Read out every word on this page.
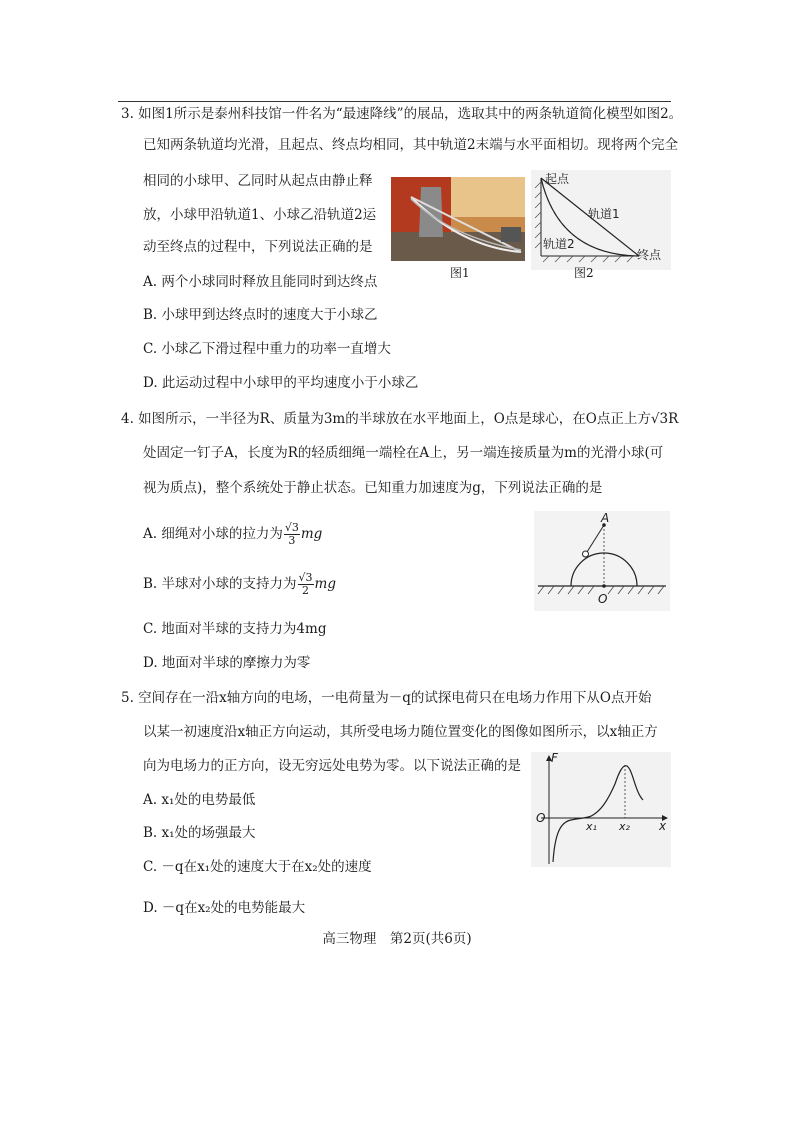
3. 如图1所示是泰州科技馆一件名为“最速降线”的展品，选取其中的两条轨道简化模型如图2。
已知两条轨道均光滑，且起点、终点均相同，其中轨道2末端与水平面相切。现将两个完全
相同的小球甲、乙同时从起点由静止释
放，小球甲沿轨道1、小球乙沿轨道2运
动至终点的过程中，下列说法正确的是
A. 两个小球同时释放且能同时到达终点
B. 小球甲到达终点时的速度大于小球乙
C. 小球乙下滑过程中重力的功率一直增大
D. 此运动过程中小球甲的平均速度小于小球乙
图1
起点
轨道1
轨道2
终点
图2
4. 如图所示，一半径为R、质量为3m的半球放在水平地面上，O点是球心，在O点正上方√3R
处固定一钉子A，长度为R的轻质细绳一端栓在A上，另一端连接质量为m的光滑小球(可
视为质点)，整个系统处于静止状态。已知重力加速度为g，下列说法正确的是
A. 细绳对小球的拉力为 $\frac{√3}{3}$ mg
B. 半球对小球的支持力为 $\frac{√3}{2}$ mg
C. 地面对半球的支持力为4mg
D. 地面对半球的摩擦力为零
A
O
5. 空间存在一沿x轴方向的电场，一电荷量为－q的试探电荷只在电场力作用下从O点开始
以某一初速度沿x轴正方向运动，其所受电场力随位置变化的图像如图所示，以x轴正方
向为电场力的正方向，设无穷远处电势为零。以下说法正确的是
A. x₁处的电势最低
B. x₁处的场强最大
C. －q在x₁处的速度大于在x₂处的速度
D. －q在x₂处的电势能最大
F
O
x
x₁ x₂
高三物理　第2页(共6页)
